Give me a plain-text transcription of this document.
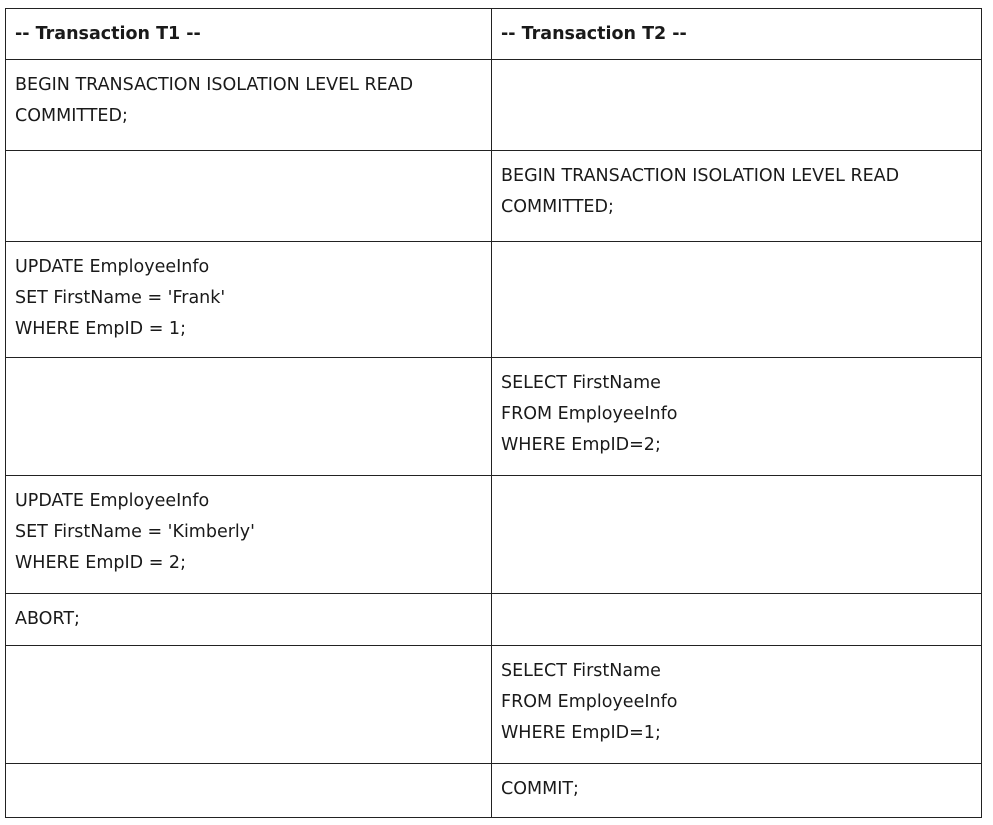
-- Transaction T1 --	-- Transaction T2 --

BEGIN TRANSACTION ISOLATION LEVEL READ
COMMITTED;	

	BEGIN TRANSACTION ISOLATION LEVEL READ
COMMITTED;

UPDATE EmployeeInfo
SET FirstName = 'Frank'
WHERE EmpID = 1;	

	SELECT FirstName
FROM EmployeeInfo
WHERE EmpID=2;

UPDATE EmployeeInfo
SET FirstName = 'Kimberly'
WHERE EmpID = 2;	

ABORT;	

	SELECT FirstName
FROM EmployeeInfo
WHERE EmpID=1;

	COMMIT;
